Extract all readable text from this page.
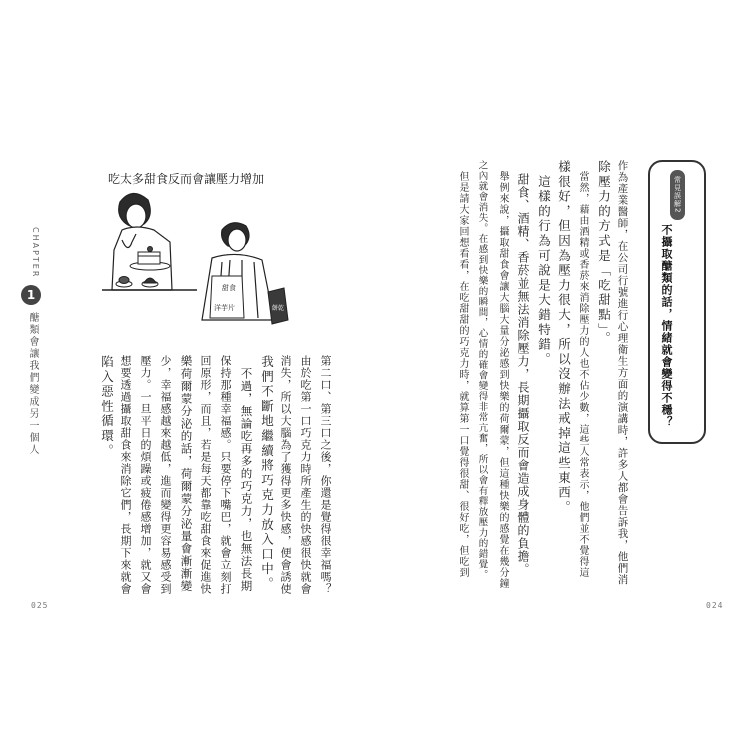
CHAPTER
1
醣類會讓我們變成另一個人
吃太多甜食反而會讓壓力增加
洋芋片
甜食
餅乾
第二口、第三口之後，你還是覺得很幸福嗎？
由於吃第一口巧克力時所產生的快感很快就會
消失，所以大腦為了獲得更多快感，便會誘使
我們不斷地繼續將巧克力放入口中。
　不過，無論吃再多的巧克力，也無法長期
保持那種幸福感。只要停下嘴巴，就會立刻打
回原形，而且，若是每天都靠吃甜食來促進快
樂荷爾蒙分泌的話，荷爾蒙分泌量會漸漸變
少，幸福感越來越低，進而變得更容易感受到
壓力。一旦平日的煩躁或疲倦感增加，就又會
想要透過攝取甜食來消除它們，長期下來就會
陷入惡性循環。
025
常見誤解2
不攝取醣類的話，情緒就會變得不穩？
作為產業醫師，在公司行號進行心理衛生方面的演講時，許多人都會告訴我，他們消
除壓力的方式是「吃甜點」。
　當然，藉由酒精或香菸來消除壓力的人也不佔少數，這些人常表示，他們並不覺得這
樣很好，但因為壓力很大，所以沒辦法戒掉這些東西。
　這樣的行為可說是大錯特錯。
　甜食、酒精、香菸並無法消除壓力，長期攝取反而會造成身體的負擔。
　舉例來說，攝取甜食會讓大腦大量分泌感到快樂的荷爾蒙，但這種快樂的感覺在幾分鐘
之內就會消失。在感到快樂的瞬間，心情的確會變得非常亢奮，所以會有釋放壓力的錯覺。
　但是請大家回想看看，在吃甜甜的巧克力時，就算第一口覺得很甜、很好吃，但吃到
024
